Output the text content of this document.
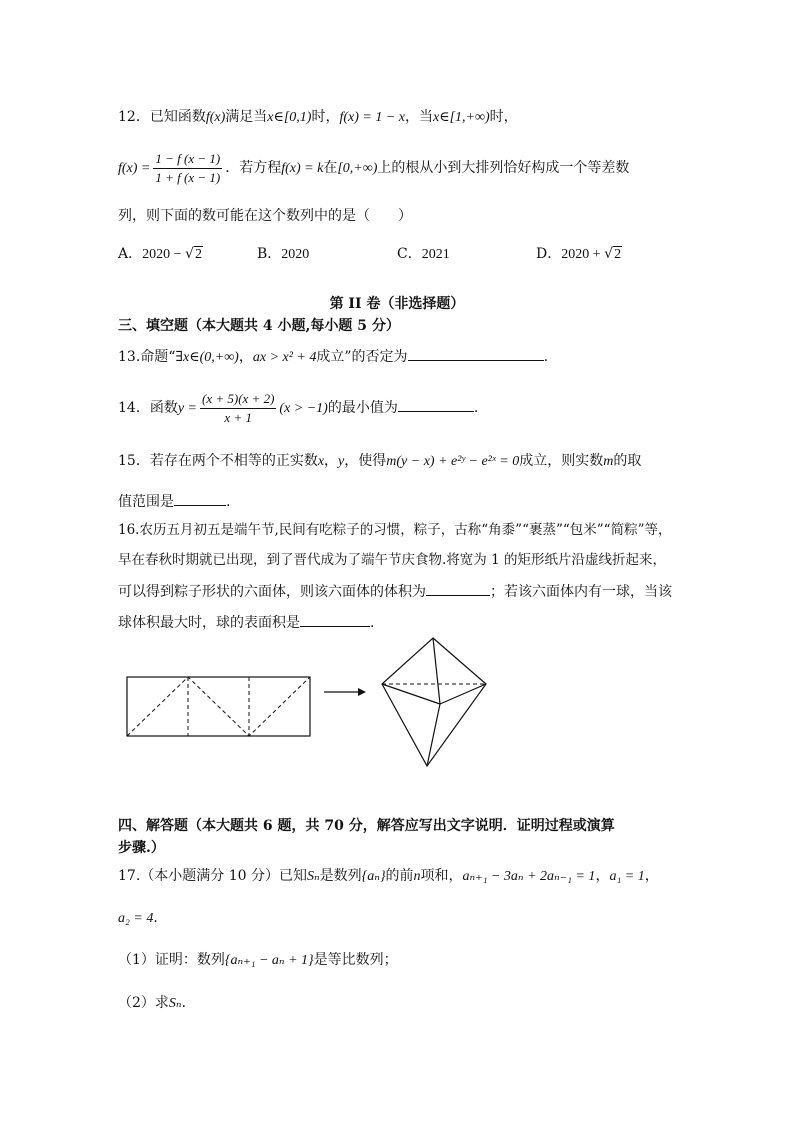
12．已知函数f(x)满足当x∈[0,1)时，f(x) = 1 − x，当x∈[1,+∞)时，
$f(x) = \frac{1 - f (x - 1)}{1 + f (x - 1)}$ ．若方程f(x) = k在[0,+∞)上的根从小到大排列恰好构成一个等差数
列，则下面的数可能在这个数列中的是（　　）
A．2020 − √2	B．2020	C．2021	D．2020 + √2
第 II 卷（非选择题）
三、填空题（本大题共 4 小题,每小题 5 分）
13.命题“∃x∈(0,+∞)，ax > x² + 4成立”的否定为	.
14．函数$y = \frac{(x + 5)(x + 2)}{x + 1} (x > -1)$的最小值为	.
15．若存在两个不相等的正实数x，y，使得m(y − x) + e²ʸ − e²ˣ = 0成立，则实数m的取
值范围是	.
16.农历五月初五是端午节,民间有吃粽子的习惯，粽子，古称“角黍”“裹蒸”“包米”“简粽”等，
早在春秋时期就已出现，到了晋代成为了端午节庆食物.将宽为 1 的矩形纸片沿虚线折起来，
可以得到粽子形状的六面体，则该六面体的体积为	；若该六面体内有一球，当该
球体积最大时，球的表面积是	.
四、解答题（本大题共 6 题，共 70 分，解答应写出文字说明．证明过程或演算
步骤.）
17.（本小题满分 10 分）已知Sₙ是数列{aₙ}的前n项和，aₙ₊₁ − 3aₙ + 2aₙ₋₁ = 1，a₁ = 1，
a₂ = 4．
（1）证明：数列{aₙ₊₁ − aₙ + 1}是等比数列；
（2）求Sₙ．
